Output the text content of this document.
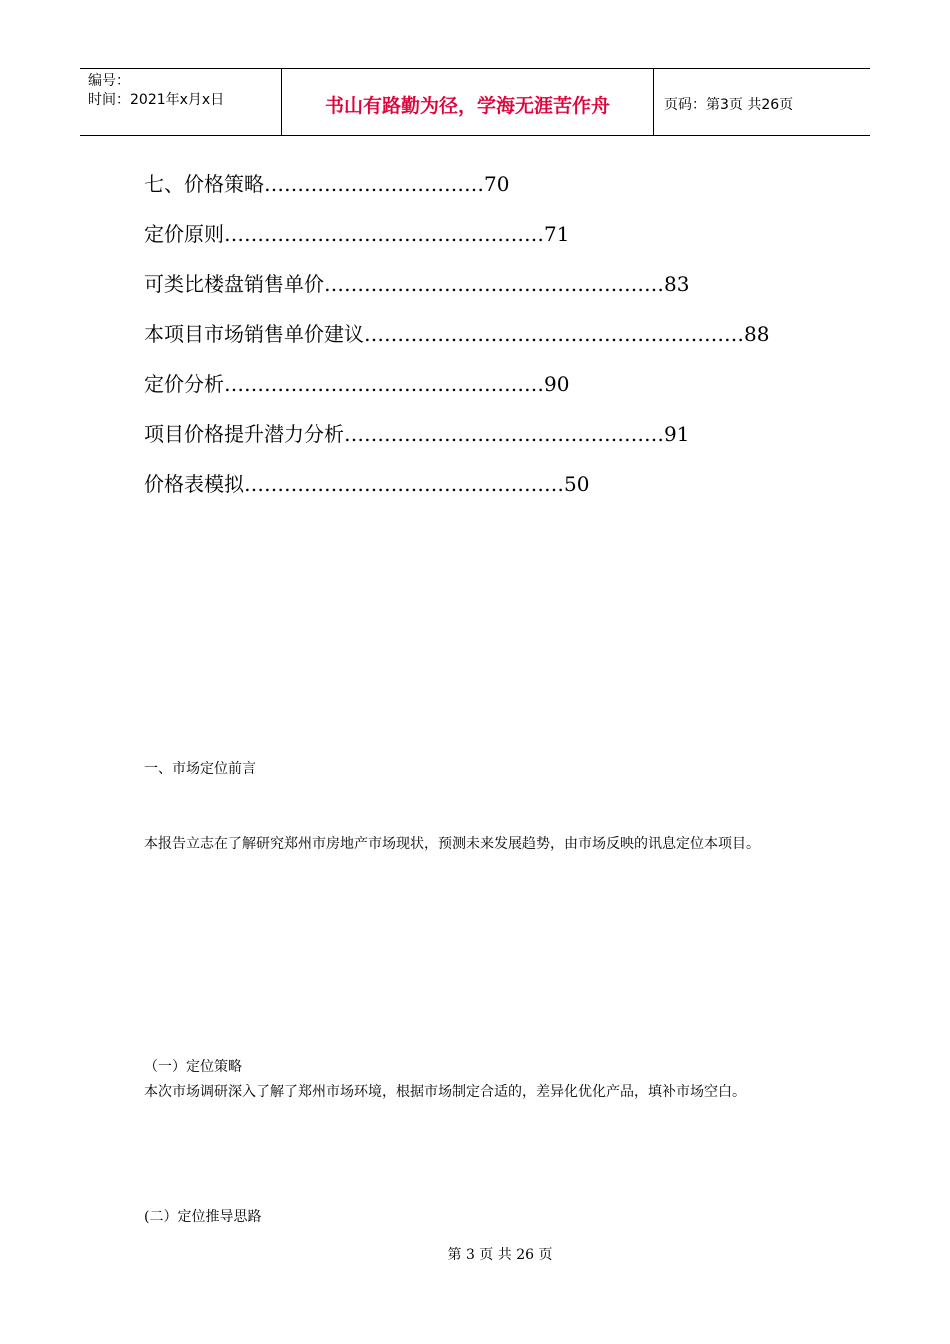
编号：
时间：2021年x月x日	书山有路勤为径，学海无涯苦作舟	页码：第3页 共26页
七、价格策略……………………………70
定价原则…………………………………………71
可类比楼盘销售单价……………………………………………83
本项目市场销售单价建议…………………………………………………88
定价分析…………………………………………90
项目价格提升潜力分析…………………………………………91
价格表模拟…………………………………………50
一、市场定位前言
本报告立志在了解研究郑州市房地产市场现状，预测未来发展趋势，由市场反映的讯息定位本项目。
（一）定位策略
本次市场调研深入了解了郑州市场环境，根据市场制定合适的，差异化优化产品，填补市场空白。
(二）定位推导思路
第 3 页 共 26 页
